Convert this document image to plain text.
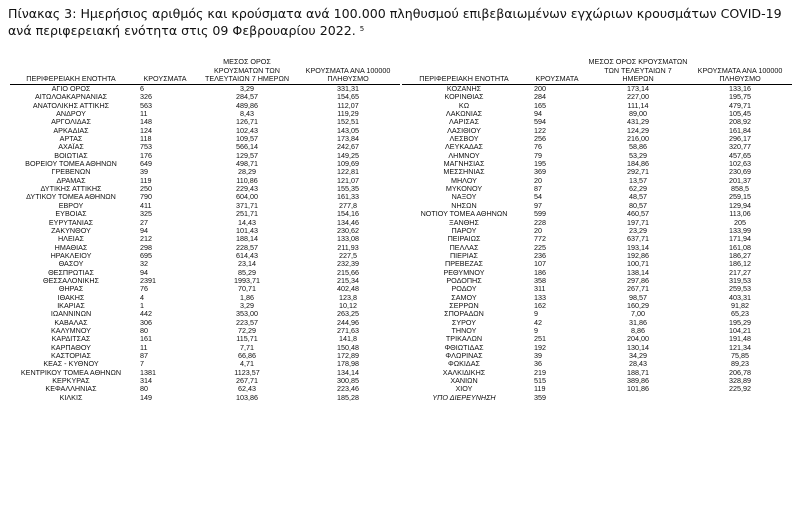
Πίνακας 3: Ημερήσιος αριθμός και κρούσματα ανά 100.000 πληθυσμού επιβεβαιωμένων εγχώριων κρουσμάτων COVID-19 ανά περιφερειακή ενότητα στις 09 Φεβρουαρίου 2022. $^5$
ΠΕΡΙΦΕΡΕΙΑΚΗ ΕΝΟΤΗΤΑ	ΚΡΟΥΣΜΑΤΑ	ΜΕΣΟΣ ΟΡΟΣ ΚΡΟΥΣΜΑΤΩΝ ΤΩΝ ΤΕΛΕΥΤΑΙΩΝ 7 ΗΜΕΡΩΝ	ΚΡΟΥΣΜΑΤΑ ΑΝΑ 100000 ΠΛΗΘΥΣΜΟ
ΑΓΙΟ ΟΡΟΣ	6	3,29	331,31
ΑΙΤΩΛΟΑΚΑΡΝΑΝΙΑΣ	326	284,57	154,65
ΑΝΑΤΟΛΙΚΗΣ ΑΤΤΙΚΗΣ	563	489,86	112,07
ΑΝΔΡΟΥ	11	8,43	119,29
ΑΡΓΟΛΙΔΑΣ	148	126,71	152,51
ΑΡΚΑΔΙΑΣ	124	102,43	143,05
ΑΡΤΑΣ	118	109,57	173,84
ΑΧΑΪΑΣ	753	566,14	242,67
ΒΟΙΩΤΙΑΣ	176	129,57	149,25
ΒΟΡΕΙΟΥ ΤΟΜΕΑ ΑΘΗΝΩΝ	649	498,71	109,69
ΓΡΕΒΕΝΩΝ	39	28,29	122,81
ΔΡΑΜΑΣ	119	110,86	121,07
ΔΥΤΙΚΗΣ ΑΤΤΙΚΗΣ	250	229,43	155,35
ΔΥΤΙΚΟΥ ΤΟΜΕΑ ΑΘΗΝΩΝ	790	604,00	161,33
ΕΒΡΟΥ	411	371,71	277,8
ΕΥΒΟΙΑΣ	325	251,71	154,16
ΕΥΡΥΤΑΝΙΑΣ	27	14,43	134,46
ΖΑΚΥΝΘΟΥ	94	101,43	230,62
ΗΛΕΙΑΣ	212	188,14	133,08
ΗΜΑΘΙΑΣ	298	228,57	211,93
ΗΡΑΚΛΕΙΟΥ	695	614,43	227,5
ΘΑΣΟΥ	32	23,14	232,39
ΘΕΣΠΡΩΤΙΑΣ	94	85,29	215,66
ΘΕΣΣΑΛΟΝΙΚΗΣ	2391	1993,71	215,34
ΘΗΡΑΣ	76	70,71	402,48
ΙΘΑΚΗΣ	4	1,86	123,8
ΙΚΑΡΙΑΣ	1	3,29	10,12
ΙΩΑΝΝΙΝΩΝ	442	353,00	263,25
ΚΑΒΑΛΑΣ	306	223,57	244,96
ΚΑΛΥΜΝΟΥ	80	72,29	271,63
ΚΑΡΔΙΤΣΑΣ	161	115,71	141,8
ΚΑΡΠΑΘΟΥ	11	7,71	150,48
ΚΑΣΤΟΡΙΑΣ	87	66,86	172,89
ΚΕΑΣ - ΚΥΘΝΟΥ	7	4,71	178,98
ΚΕΝΤΡΙΚΟΥ ΤΟΜΕΑ ΑΘΗΝΩΝ	1381	1123,57	134,14
ΚΕΡΚΥΡΑΣ	314	267,71	300,85
ΚΕΦΑΛΛΗΝΙΑΣ	80	62,43	223,46
ΚΙΛΚΙΣ	149	103,86	185,28
ΠΕΡΙΦΕΡΕΙΑΚΗ ΕΝΟΤΗΤΑ	ΚΡΟΥΣΜΑΤΑ	ΜΕΣΟΣ ΟΡΟΣ ΚΡΟΥΣΜΑΤΩΝ ΤΩΝ ΤΕΛΕΥΤΑΙΩΝ 7 ΗΜΕΡΩΝ	ΚΡΟΥΣΜΑΤΑ ΑΝΑ 100000 ΠΛΗΘΥΣΜΟ
ΚΟΖΑΝΗΣ	200	173,14	133,16
ΚΟΡΙΝΘΙΑΣ	284	227,00	195,75
ΚΩ	165	111,14	479,71
ΛΑΚΩΝΙΑΣ	94	89,00	105,45
ΛΑΡΙΣΑΣ	594	431,29	208,92
ΛΑΣΙΘΙΟΥ	122	124,29	161,84
ΛΕΣΒΟΥ	256	216,00	296,17
ΛΕΥΚΑΔΑΣ	76	58,86	320,77
ΛΗΜΝΟΥ	79	53,29	457,65
ΜΑΓΝΗΣΙΑΣ	195	184,86	102,63
ΜΕΣΣΗΝΙΑΣ	369	292,71	230,69
ΜΗΛΟΥ	20	13,57	201,37
ΜΥΚΟΝΟΥ	87	62,29	858,5
ΝΑΞΟΥ	54	48,57	259,15
ΝΗΣΩΝ	97	80,57	129,94
ΝΟΤΙΟΥ ΤΟΜΕΑ ΑΘΗΝΩΝ	599	460,57	113,06
ΞΑΝΘΗΣ	228	197,71	205
ΠΑΡΟΥ	20	23,29	133,99
ΠΕΙΡΑΙΩΣ	772	637,71	171,94
ΠΕΛΛΑΣ	225	193,14	161,08
ΠΙΕΡΙΑΣ	236	192,86	186,27
ΠΡΕΒΕΖΑΣ	107	100,71	186,12
ΡΕΘΥΜΝΟΥ	186	138,14	217,27
ΡΟΔΟΠΗΣ	358	297,86	319,53
ΡΟΔΟΥ	311	267,71	259,53
ΣΑΜΟΥ	133	98,57	403,31
ΣΕΡΡΩΝ	162	160,29	91,82
ΣΠΟΡΑΔΩΝ	9	7,00	65,23
ΣΥΡΟΥ	42	31,86	195,29
ΤΗΝΟΥ	9	8,86	104,21
ΤΡΙΚΑΛΩΝ	251	204,00	191,48
ΦΘΙΩΤΙΔΑΣ	192	130,14	121,34
ΦΛΩΡΙΝΑΣ	39	34,29	75,85
ΦΩΚΙΔΑΣ	36	28,43	89,23
ΧΑΛΚΙΔΙΚΗΣ	219	188,71	206,78
ΧΑΝΙΩΝ	515	389,86	328,89
ΧΙΟΥ	119	101,86	225,92
ΥΠΟ ΔΙΕΡΕΥΝΗΣΗ	359		
